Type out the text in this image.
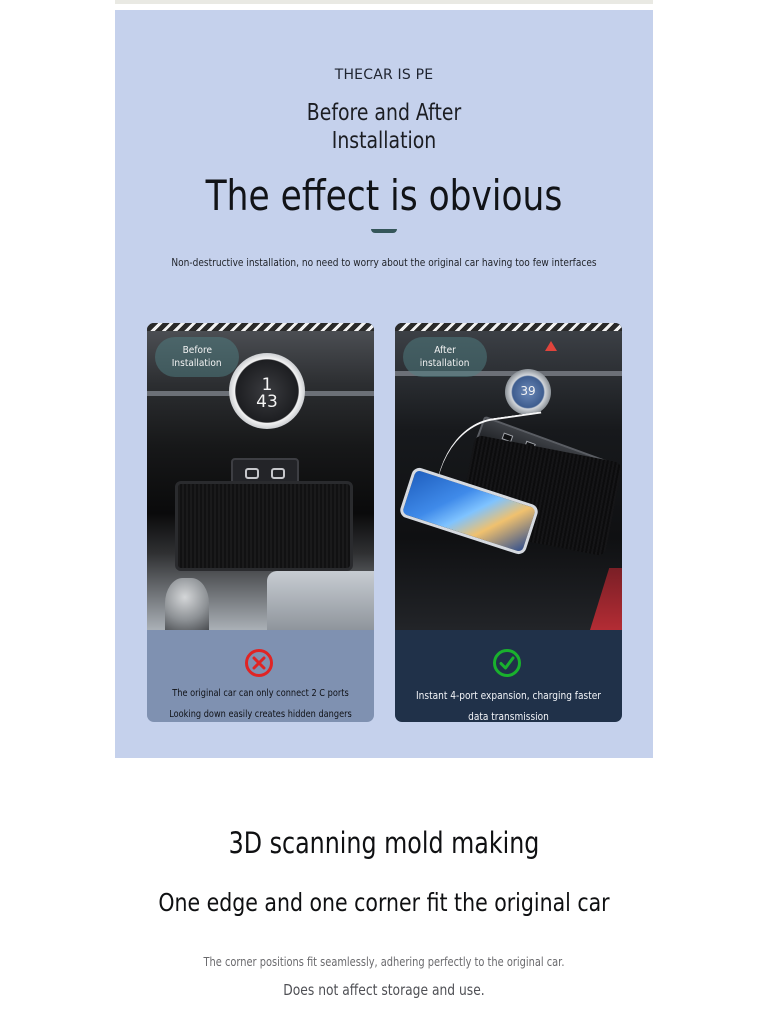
THECAR IS PE
Before and After
Installation
The effect is obvious
Non-destructive installation, no need to worry about the original car having too few interfaces
1
43
Before
Installation
The original car can only connect 2 C ports
Looking down easily creates hidden dangers
39
After
installation
Instant 4-port expansion, charging faster
data transmission
3D scanning mold making
One edge and one corner fit the original car
The corner positions fit seamlessly, adhering perfectly to the original car.
Does not affect storage and use.
